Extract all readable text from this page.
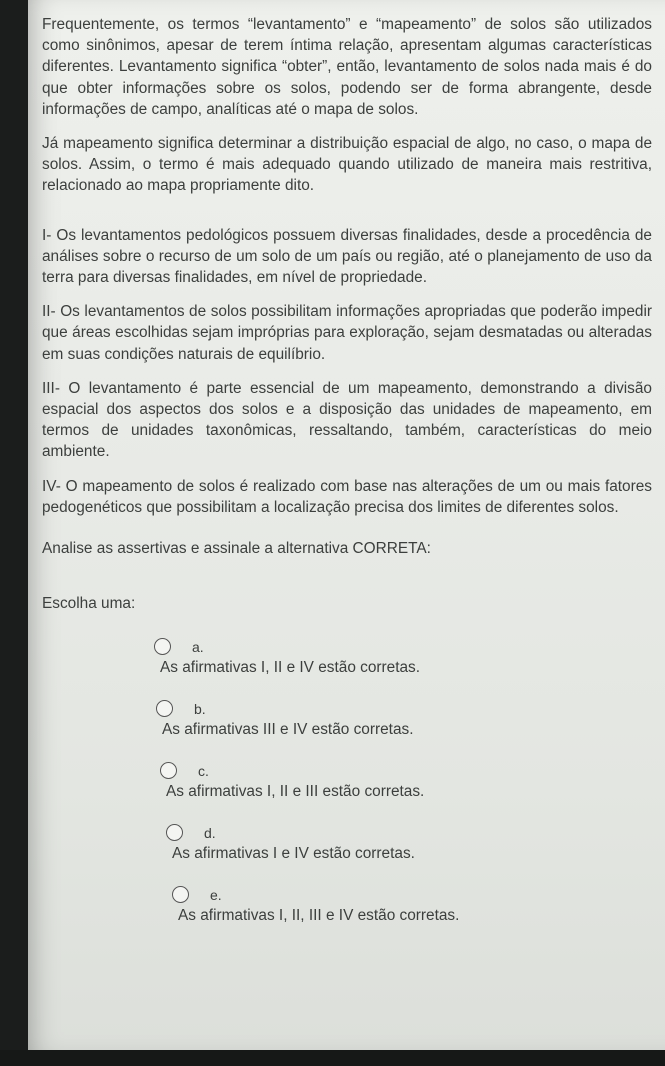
Frequentemente, os termos “levantamento” e “mapeamento” de solos são utilizados como sinônimos, apesar de terem íntima relação, apresentam algumas características diferentes. Levantamento significa “obter”, então, levantamento de solos nada mais é do que obter informações sobre os solos, podendo ser de forma abrangente, desde informações de campo, analíticas até o mapa de solos.

Já mapeamento significa determinar a distribuição espacial de algo, no caso, o mapa de solos. Assim, o termo é mais adequado quando utilizado de maneira mais restritiva, relacionado ao mapa propriamente dito.

I- Os levantamentos pedológicos possuem diversas finalidades, desde a procedência de análises sobre o recurso de um solo de um país ou região, até o planejamento de uso da terra para diversas finalidades, em nível de propriedade.

II- Os levantamentos de solos possibilitam informações apropriadas que poderão impedir que áreas escolhidas sejam impróprias para exploração, sejam desmatadas ou alteradas em suas condições naturais de equilíbrio.

III- O levantamento é parte essencial de um mapeamento, demonstrando a divisão espacial dos aspectos dos solos e a disposição das unidades de mapeamento, em termos de unidades taxonômicas, ressaltando, também, características do meio ambiente.

IV- O mapeamento de solos é realizado com base nas alterações de um ou mais fatores pedogenéticos que possibilitam a localização precisa dos limites de diferentes solos.

Analise as assertivas e assinale a alternativa CORRETA:

Escolha uma:

a.
As afirmativas I, II e IV estão corretas.
b.
As afirmativas III e IV estão corretas.
c.
As afirmativas I, II e III estão corretas.
d.
As afirmativas I e IV estão corretas.
e.
As afirmativas I, II, III e IV estão corretas.
